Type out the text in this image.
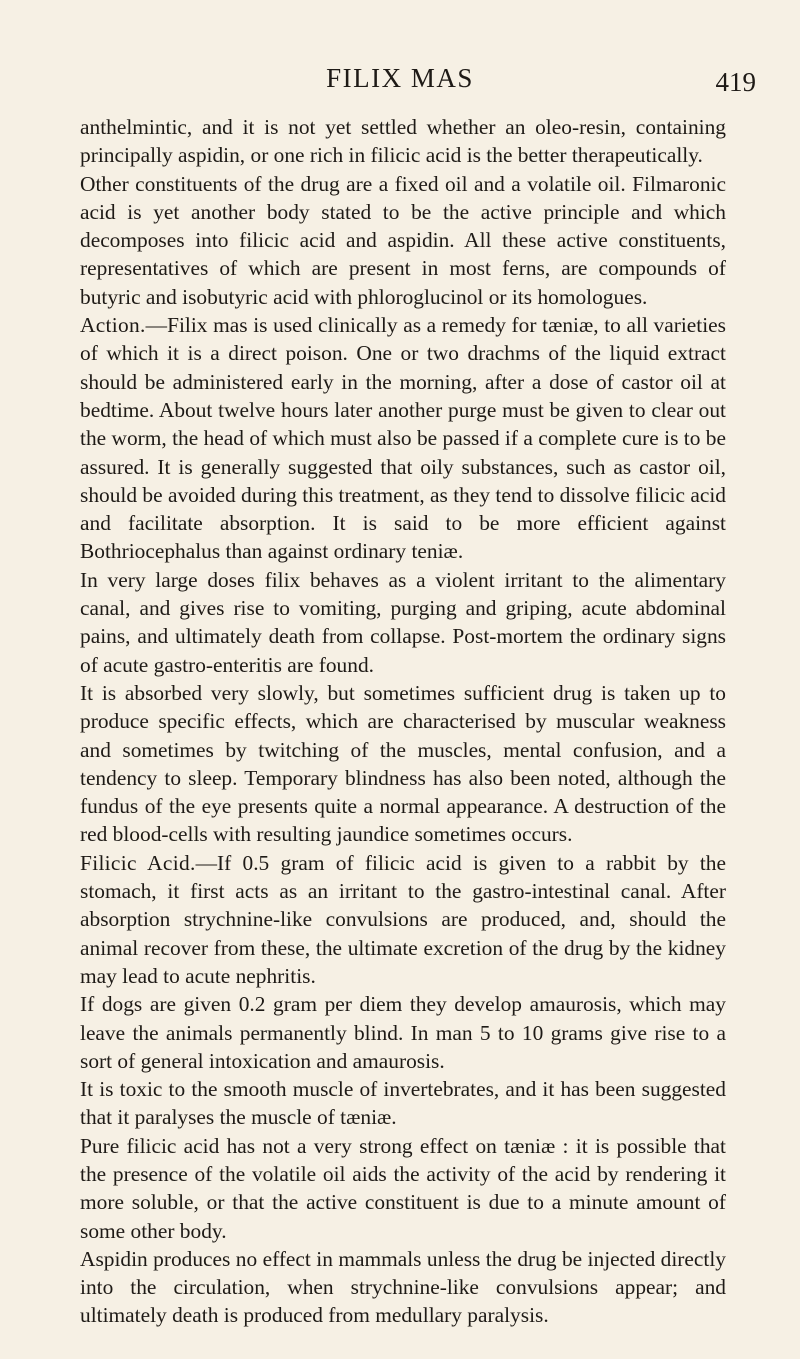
FILIX MAS	419

anthelmintic, and it is not yet settled whether an oleo-resin, containing principally aspidin, or one rich in filicic acid is the better therapeutically.

Other constituents of the drug are a fixed oil and a volatile oil. Filmaronic acid is yet another body stated to be the active principle and which decomposes into filicic acid and aspidin. All these active constituents, representatives of which are present in most ferns, are compounds of butyric and isobutyric acid with phloroglucinol or its homologues.

Action.—Filix mas is used clinically as a remedy for tæniæ, to all varieties of which it is a direct poison. One or two drachms of the liquid extract should be administered early in the morning, after a dose of castor oil at bedtime. About twelve hours later another purge must be given to clear out the worm, the head of which must also be passed if a complete cure is to be assured. It is generally suggested that oily substances, such as castor oil, should be avoided during this treatment, as they tend to dissolve filicic acid and facilitate absorption. It is said to be more efficient against Bothriocephalus than against ordinary teniæ.

In very large doses filix behaves as a violent irritant to the alimentary canal, and gives rise to vomiting, purging and griping, acute abdominal pains, and ultimately death from collapse. Post-mortem the ordinary signs of acute gastro-enteritis are found.

It is absorbed very slowly, but sometimes sufficient drug is taken up to produce specific effects, which are characterised by muscular weakness and sometimes by twitching of the muscles, mental confusion, and a tendency to sleep. Temporary blindness has also been noted, although the fundus of the eye presents quite a normal appearance. A destruction of the red blood-cells with resulting jaundice sometimes occurs.

Filicic Acid.—If 0.5 gram of filicic acid is given to a rabbit by the stomach, it first acts as an irritant to the gastro-intestinal canal. After absorption strychnine-like convulsions are produced, and, should the animal recover from these, the ultimate excretion of the drug by the kidney may lead to acute nephritis.

If dogs are given 0.2 gram per diem they develop amaurosis, which may leave the animals permanently blind. In man 5 to 10 grams give rise to a sort of general intoxication and amaurosis.

It is toxic to the smooth muscle of invertebrates, and it has been suggested that it paralyses the muscle of tæniæ.

Pure filicic acid has not a very strong effect on tæniæ : it is possible that the presence of the volatile oil aids the activity of the acid by rendering it more soluble, or that the active constituent is due to a minute amount of some other body.

Aspidin produces no effect in mammals unless the drug be injected directly into the circulation, when strychnine-like convulsions appear; and ultimately death is produced from medullary paralysis.
